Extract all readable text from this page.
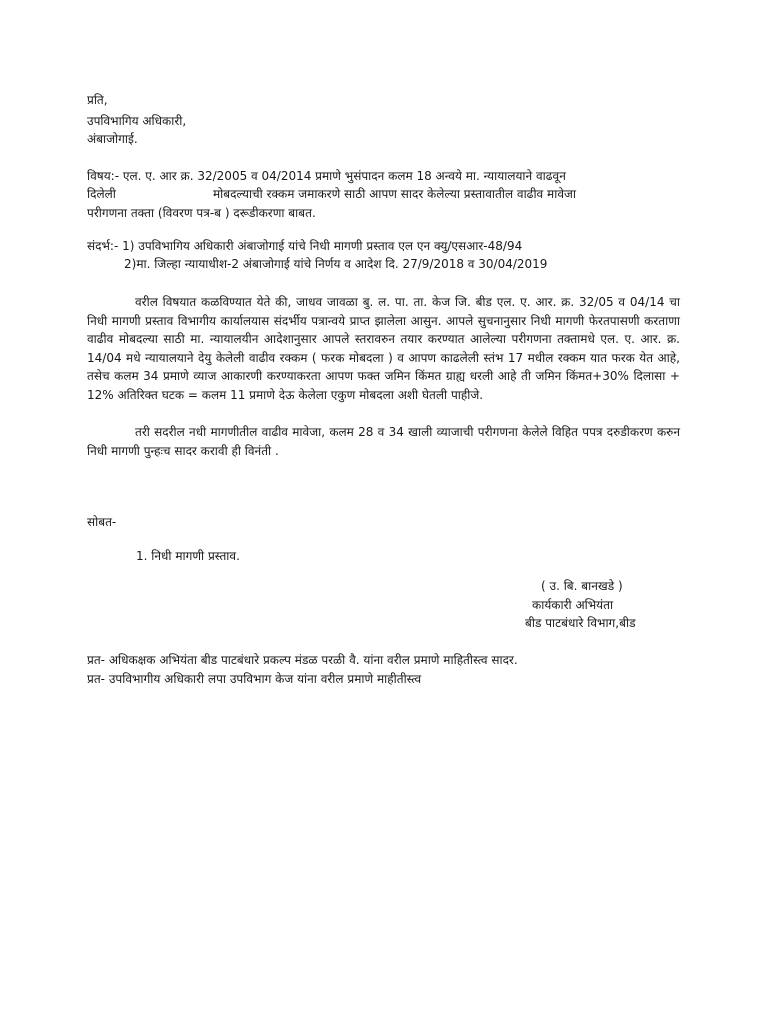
प्रति,
उपविभागिय अधिकारी,
अंबाजोगाई.
विषय:- एल. ए. आर क्र. 32/2005 व 04/2014 प्रमाणे भुसंपादन कलम 18 अन्वये मा. न्यायालयाने वाढवून
दिलेली	मोबदल्याची रक्कम जमाकरणे साठी आपण सादर केलेल्या प्रस्तावातील वाढीव मावेजा
परीगणना तक्ता (विवरण पत्र-ब ) दरूडीकरणा बाबत.
संदर्भ:- 1) उपविभागिय अधिकारी अंबाजोगाई यांचे निधी मागणी प्रस्ताव एल एन क्यु/एसआर-48/94
2)मा. जिल्हा न्यायाधीश-2 अंबाजोगाई यांचे निर्णय व आदेश दि. 27/9/2018 व 30/04/2019
वरील विषयात कळविण्यात येते की, जाधव जावळा बु. ल. पा. ता. केज जि. बीड एल. ए. आर. क्र. 32/05 व 04/14 चा निधी मागणी प्रस्ताव विभागीय कार्यालयास संदर्भीय पत्रान्वये प्राप्त झालेला आसुन. आपले सुचनानुसार निधी मागणी फेरतपासणी करताणा वाढीव मोबदल्या साठी मा. न्यायालयीन आदेशानुसार आपले स्तरावरुन तयार करण्यात आलेल्या परीगणना तक्तामधे एल. ए. आर. क्र. 14/04 मधे न्यायालयाने देयु केलेली वाढीव रक्कम ( फरक मोबदला ) व आपण काढलेली स्तंभ 17 मधील रक्कम यात फरक येत आहे, तसेच कलम 34 प्रमाणे व्याज आकारणी करण्याकरता आपण फक्त जमिन किंमत ग्राह्य धरली आहे ती जमिन किंमत+30% दिलासा + 12% अतिरिक्त घटक = कलम 11 प्रमाणे देऊ केलेला एकुण मोबदला अशी घेतली पाहीजे.
तरी सदरील नधी मागणीतील वाढीव मावेजा, कलम 28 व 34 खाली व्याजाची परीगणना केलेले विहित पपत्र दरुडीकरण करुन निधी मागणी पुन्हःच सादर करावी ही विनंती .
सोबत-
1. निधी मागणी प्रस्ताव.
( उ. बि. बानखडे )
कार्यकारी अभियंता
बीड पाटबंधारे विभाग,बीड
प्रत- अधिकक्षक अभियंता बीड पाटबंधारे प्रकल्प मंडळ परळी वै. यांना वरील प्रमाणे माहितीस्त्व सादर.
प्रत- उपविभागीय अधिकारी लपा उपविभाग केज यांना वरील प्रमाणे माहीतीस्त्व
